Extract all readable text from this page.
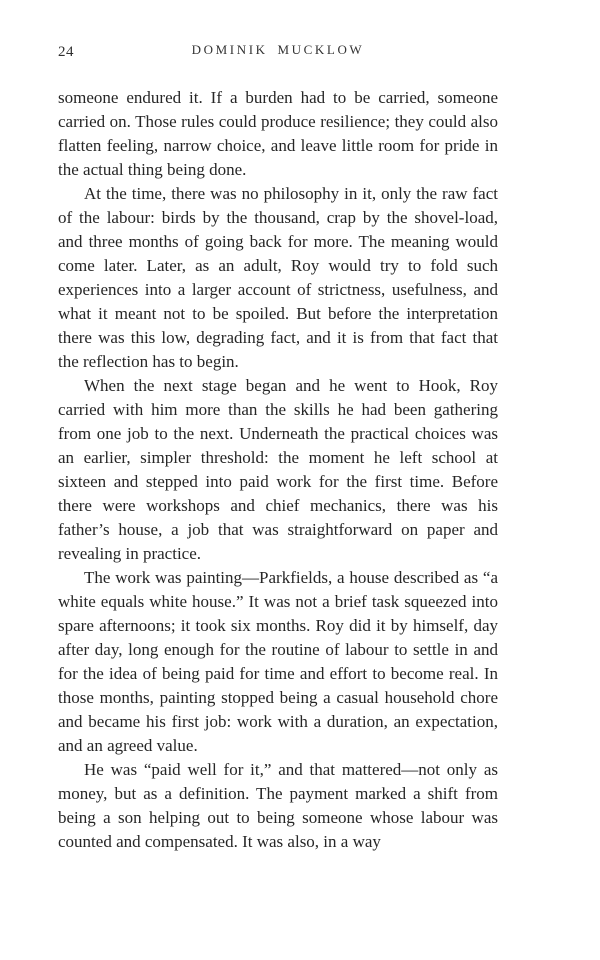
24	DOMINIK MUCKLOW

someone endured it. If a burden had to be carried, someone carried on. Those rules could produce resilience; they could also flatten feeling, narrow choice, and leave little room for pride in the actual thing being done.

At the time, there was no philosophy in it, only the raw fact of the labour: birds by the thousand, crap by the shovel-load, and three months of going back for more. The meaning would come later. Later, as an adult, Roy would try to fold such experiences into a larger account of strictness, usefulness, and what it meant not to be spoiled. But before the interpretation there was this low, degrading fact, and it is from that fact that the reflection has to begin.

When the next stage began and he went to Hook, Roy carried with him more than the skills he had been gathering from one job to the next. Underneath the practical choices was an earlier, simpler threshold: the moment he left school at sixteen and stepped into paid work for the first time. Before there were workshops and chief mechanics, there was his father’s house, a job that was straightforward on paper and revealing in practice.

The work was painting—Parkfields, a house described as “a white equals white house.” It was not a brief task squeezed into spare afternoons; it took six months. Roy did it by himself, day after day, long enough for the routine of labour to settle in and for the idea of being paid for time and effort to become real. In those months, painting stopped being a casual household chore and became his first job: work with a duration, an expectation, and an agreed value.

He was “paid well for it,” and that mattered—not only as money, but as a definition. The payment marked a shift from being a son helping out to being someone whose labour was counted and compensated. It was also, in a way
